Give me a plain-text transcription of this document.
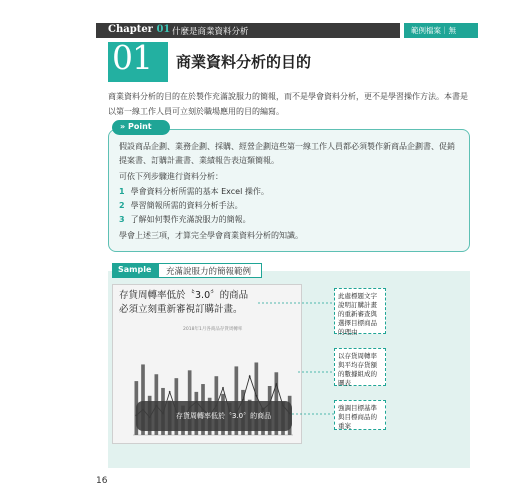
Chapter 01 什麼是商業資料分析	範例檔案｜無
01 商業資料分析的目的
商業資料分析的目的在於製作充滿說服力的簡報，而不是學會資料分析，更不是學習操作方法。本書是以第一線工作人員可立刻於職場應用的目的編寫。
» Point
假設商品企劃、業務企劃、採購、經營企劃這些第一線工作人員都必須製作新商品企劃書、促銷提案書、訂購計畫書、業績報告表這類簡報。
可依下列步驟進行資料分析：
1 學會資料分析所需的基本 Excel 操作。
2 學習簡報所需的資料分析手法。
3 了解如何製作充滿說服力的簡報。
學會上述三項，才算完全學會商業資料分析的知識。
Sample	充滿說服力的簡報範例
存貨周轉率低於〝3.0〞的商品
必須立刻重新審視訂購計畫。
2018年1月各商品存貨周轉率
存貨周轉率低於〝3.0〞的商品
此處標題文字說明訂購計畫的重新審查與選擇目標商品的理由
以存貨周轉率與平均存貨額的數據組成的圖表
強調目標基準與目標商品的重案
16
